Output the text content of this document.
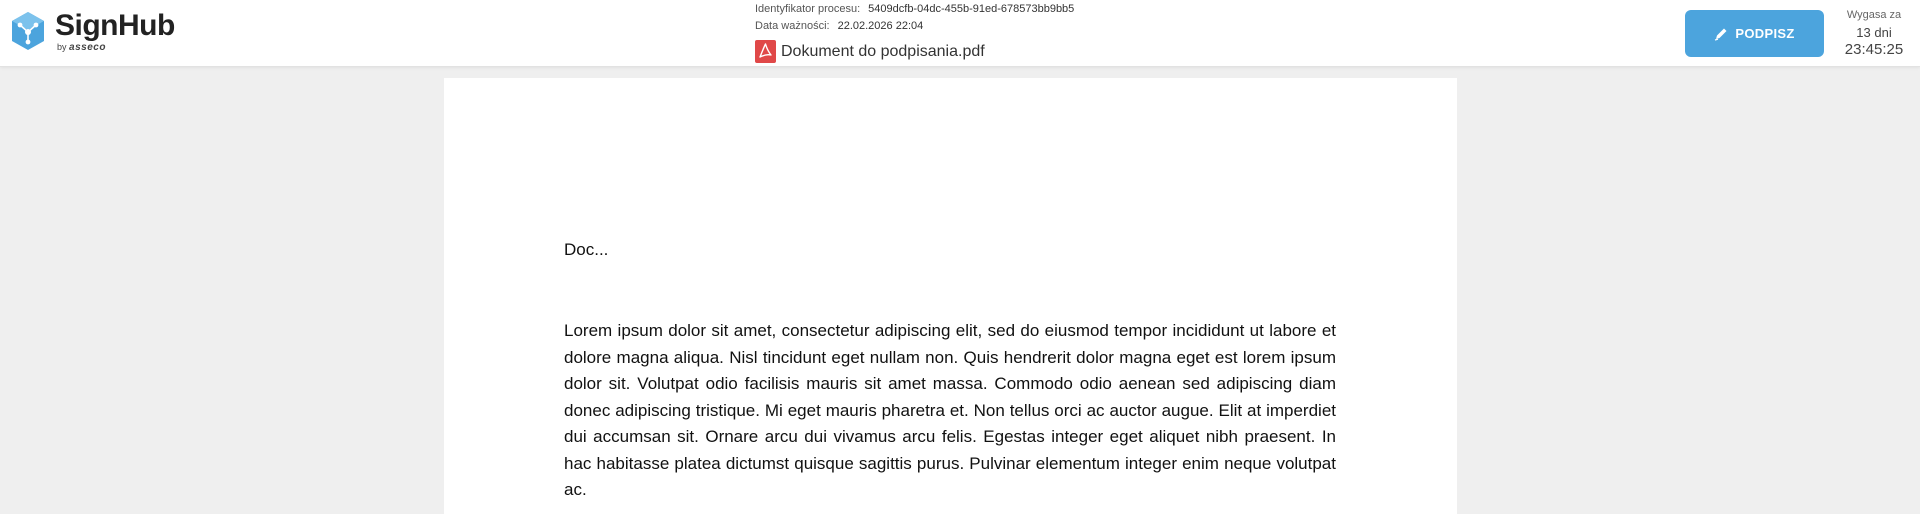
SignHub
by asseco
Identyfikator procesu: 5409dcfb-04dc-455b-91ed-678573bb9bb5
Data ważności: 22.02.2026 22:04
Dokument do podpisania.pdf
PODPISZ
Wygasa za
13 dni
23:45:25
Doc...

Lorem ipsum dolor sit amet, consectetur adipiscing elit, sed do eiusmod tempor incididunt ut labore et dolore magna aliqua. Nisl tincidunt eget nullam non. Quis hendrerit dolor magna eget est lorem ipsum dolor sit. Volutpat odio facilisis mauris sit amet massa. Commodo odio aenean sed adipiscing diam donec adipiscing tristique. Mi eget mauris pharetra et. Non tellus orci ac auctor augue. Elit at imperdiet dui accumsan sit. Ornare arcu dui vivamus arcu felis. Egestas integer eget aliquet nibh praesent. In hac habitasse platea dictumst quisque sagittis purus. Pulvinar elementum integer enim neque volutpat ac.
